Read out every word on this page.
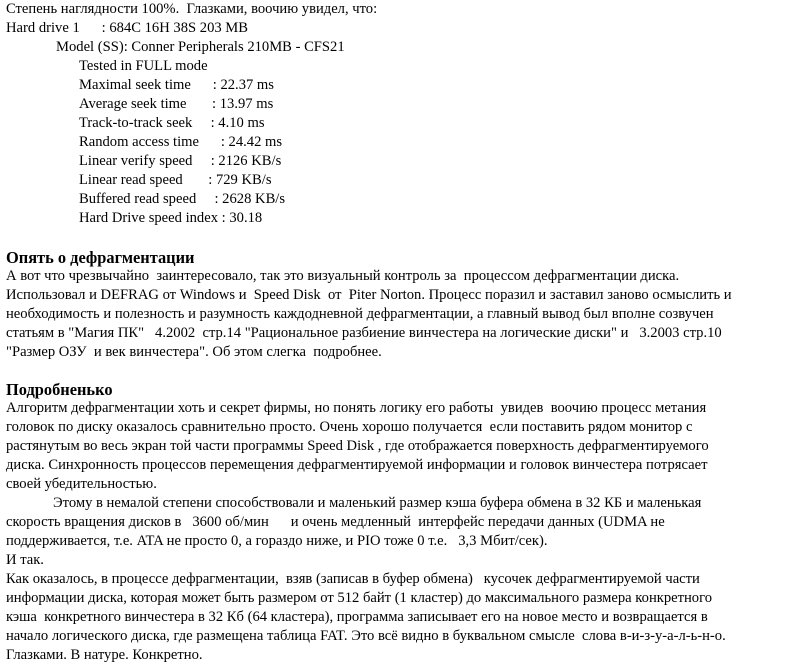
Степень наглядности 100%.  Глазками, воочию увидел, что:
Hard drive 1      : 684C 16H 38S 203 MB
Model (SS): Conner Peripherals 210MB - CFS21
Tested in FULL mode
Maximal seek time : 22.37 ms
Average seek time : 13.97 ms
Track-to-track seek : 4.10 ms
Random access time : 24.42 ms
Linear verify speed : 2126 KB/s
Linear read speed : 729 KB/s
Buffered read speed : 2628 KB/s
Hard Drive speed index : 30.18
Опять о дефрагментации
А вот что чрезвычайно  заинтересовало, так это визуальный контроль за  процессом дефрагментации диска.
Использовал и DEFRAG от Windows и  Speed Disk  от  Piter Norton. Процесс поразил и заставил заново осмыслить и
необходимость и полезность и разумность каждодневной дефрагментации, а главный вывод был вполне созвучен
статьям в "Магия ПК"   4.2002  стр.14 "Рациональное разбиение винчестера на логические диски" и   3.2003 стр.10
"Размер ОЗУ  и век винчестера". Об этом слегка  подробнее.
Подробненько
Алгоритм дефрагментации хоть и секрет фирмы, но понять логику его работы  увидев  воочию процесс метания
головок по диску оказалось сравнительно просто. Очень хорошо получается  если поставить рядом монитор с
растянутым во весь экран той части программы Speed Disk , где отображается поверхность дефрагментируемого
диска. Синхронность процессов перемещения дефрагментируемой информации и головок винчестера потрясает
своей убедительностью.
Этому в немалой степени способствовали и маленький размер кэша буфера обмена в 32 КБ и маленькая
скорость вращения дисков в   3600 об/мин      и очень медленный  интерфейс передачи данных (UDMA не
поддерживается, т.е. ATA не просто 0, а гораздо ниже, и PIO тоже 0 т.е.   3,3 Мбит/сек).
И так.
Как оказалось, в процессе дефрагментации,  взяв (записав в буфер обмена)   кусочек дефрагментируемой части
информации диска, которая может быть размером от 512 байт (1 кластер) до максимального размера конкретного
кэша  конкретного винчестера в 32 Кб (64 кластера), программа записывает его на новое место и возвращается в
начало логического диска, где размещена таблица FAT. Это всё видно в буквальном смысле  слова в-и-з-у-а-л-ь-н-о.
Глазками. В натуре. Конкретно.
